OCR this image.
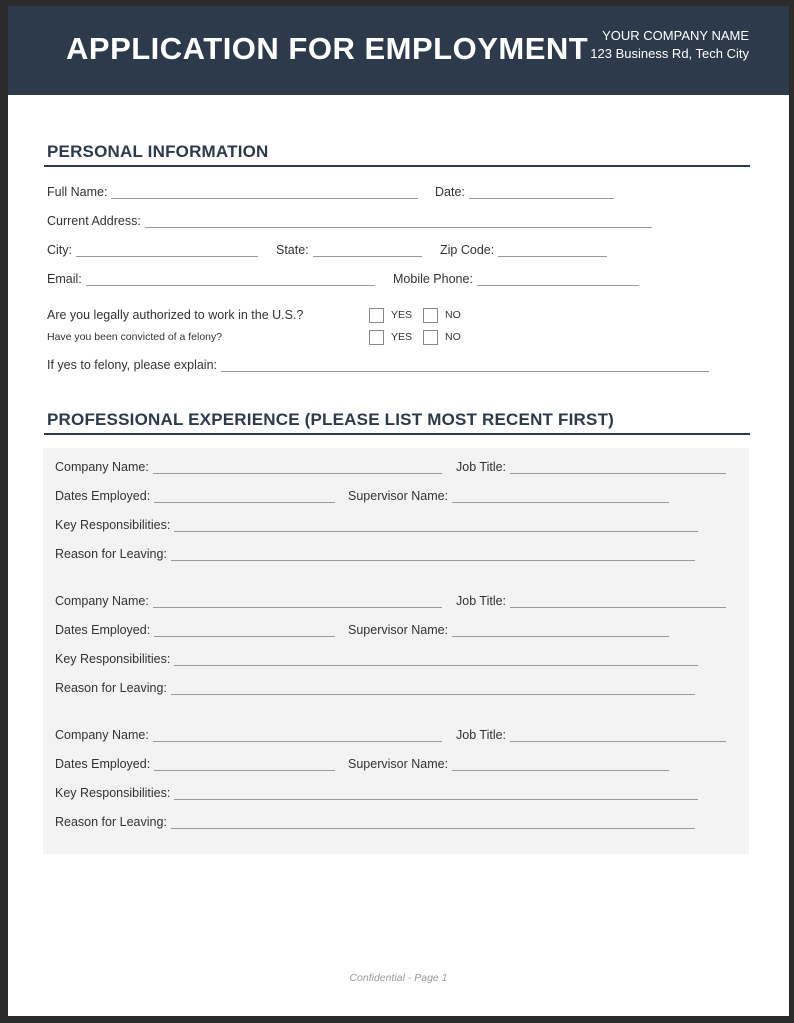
APPLICATION FOR EMPLOYMENT	YOUR COMPANY NAME
123 Business Rd, Tech City
PERSONAL INFORMATION
Full Name:	Date:
Current Address:
City:	State:	Zip Code:
Email:	Mobile Phone:
Are you legally authorized to work in the U.S.?	YES	NO
Have you been convicted of a felony?	YES	NO
If yes to felony, please explain:
PROFESSIONAL EXPERIENCE (PLEASE LIST MOST RECENT FIRST)
Company Name:	Job Title:
Dates Employed:	Supervisor Name:
Key Responsibilities:
Reason for Leaving:
Company Name:	Job Title:
Dates Employed:	Supervisor Name:
Key Responsibilities:
Reason for Leaving:
Company Name:	Job Title:
Dates Employed:	Supervisor Name:
Key Responsibilities:
Reason for Leaving:
Confidential - Page 1
